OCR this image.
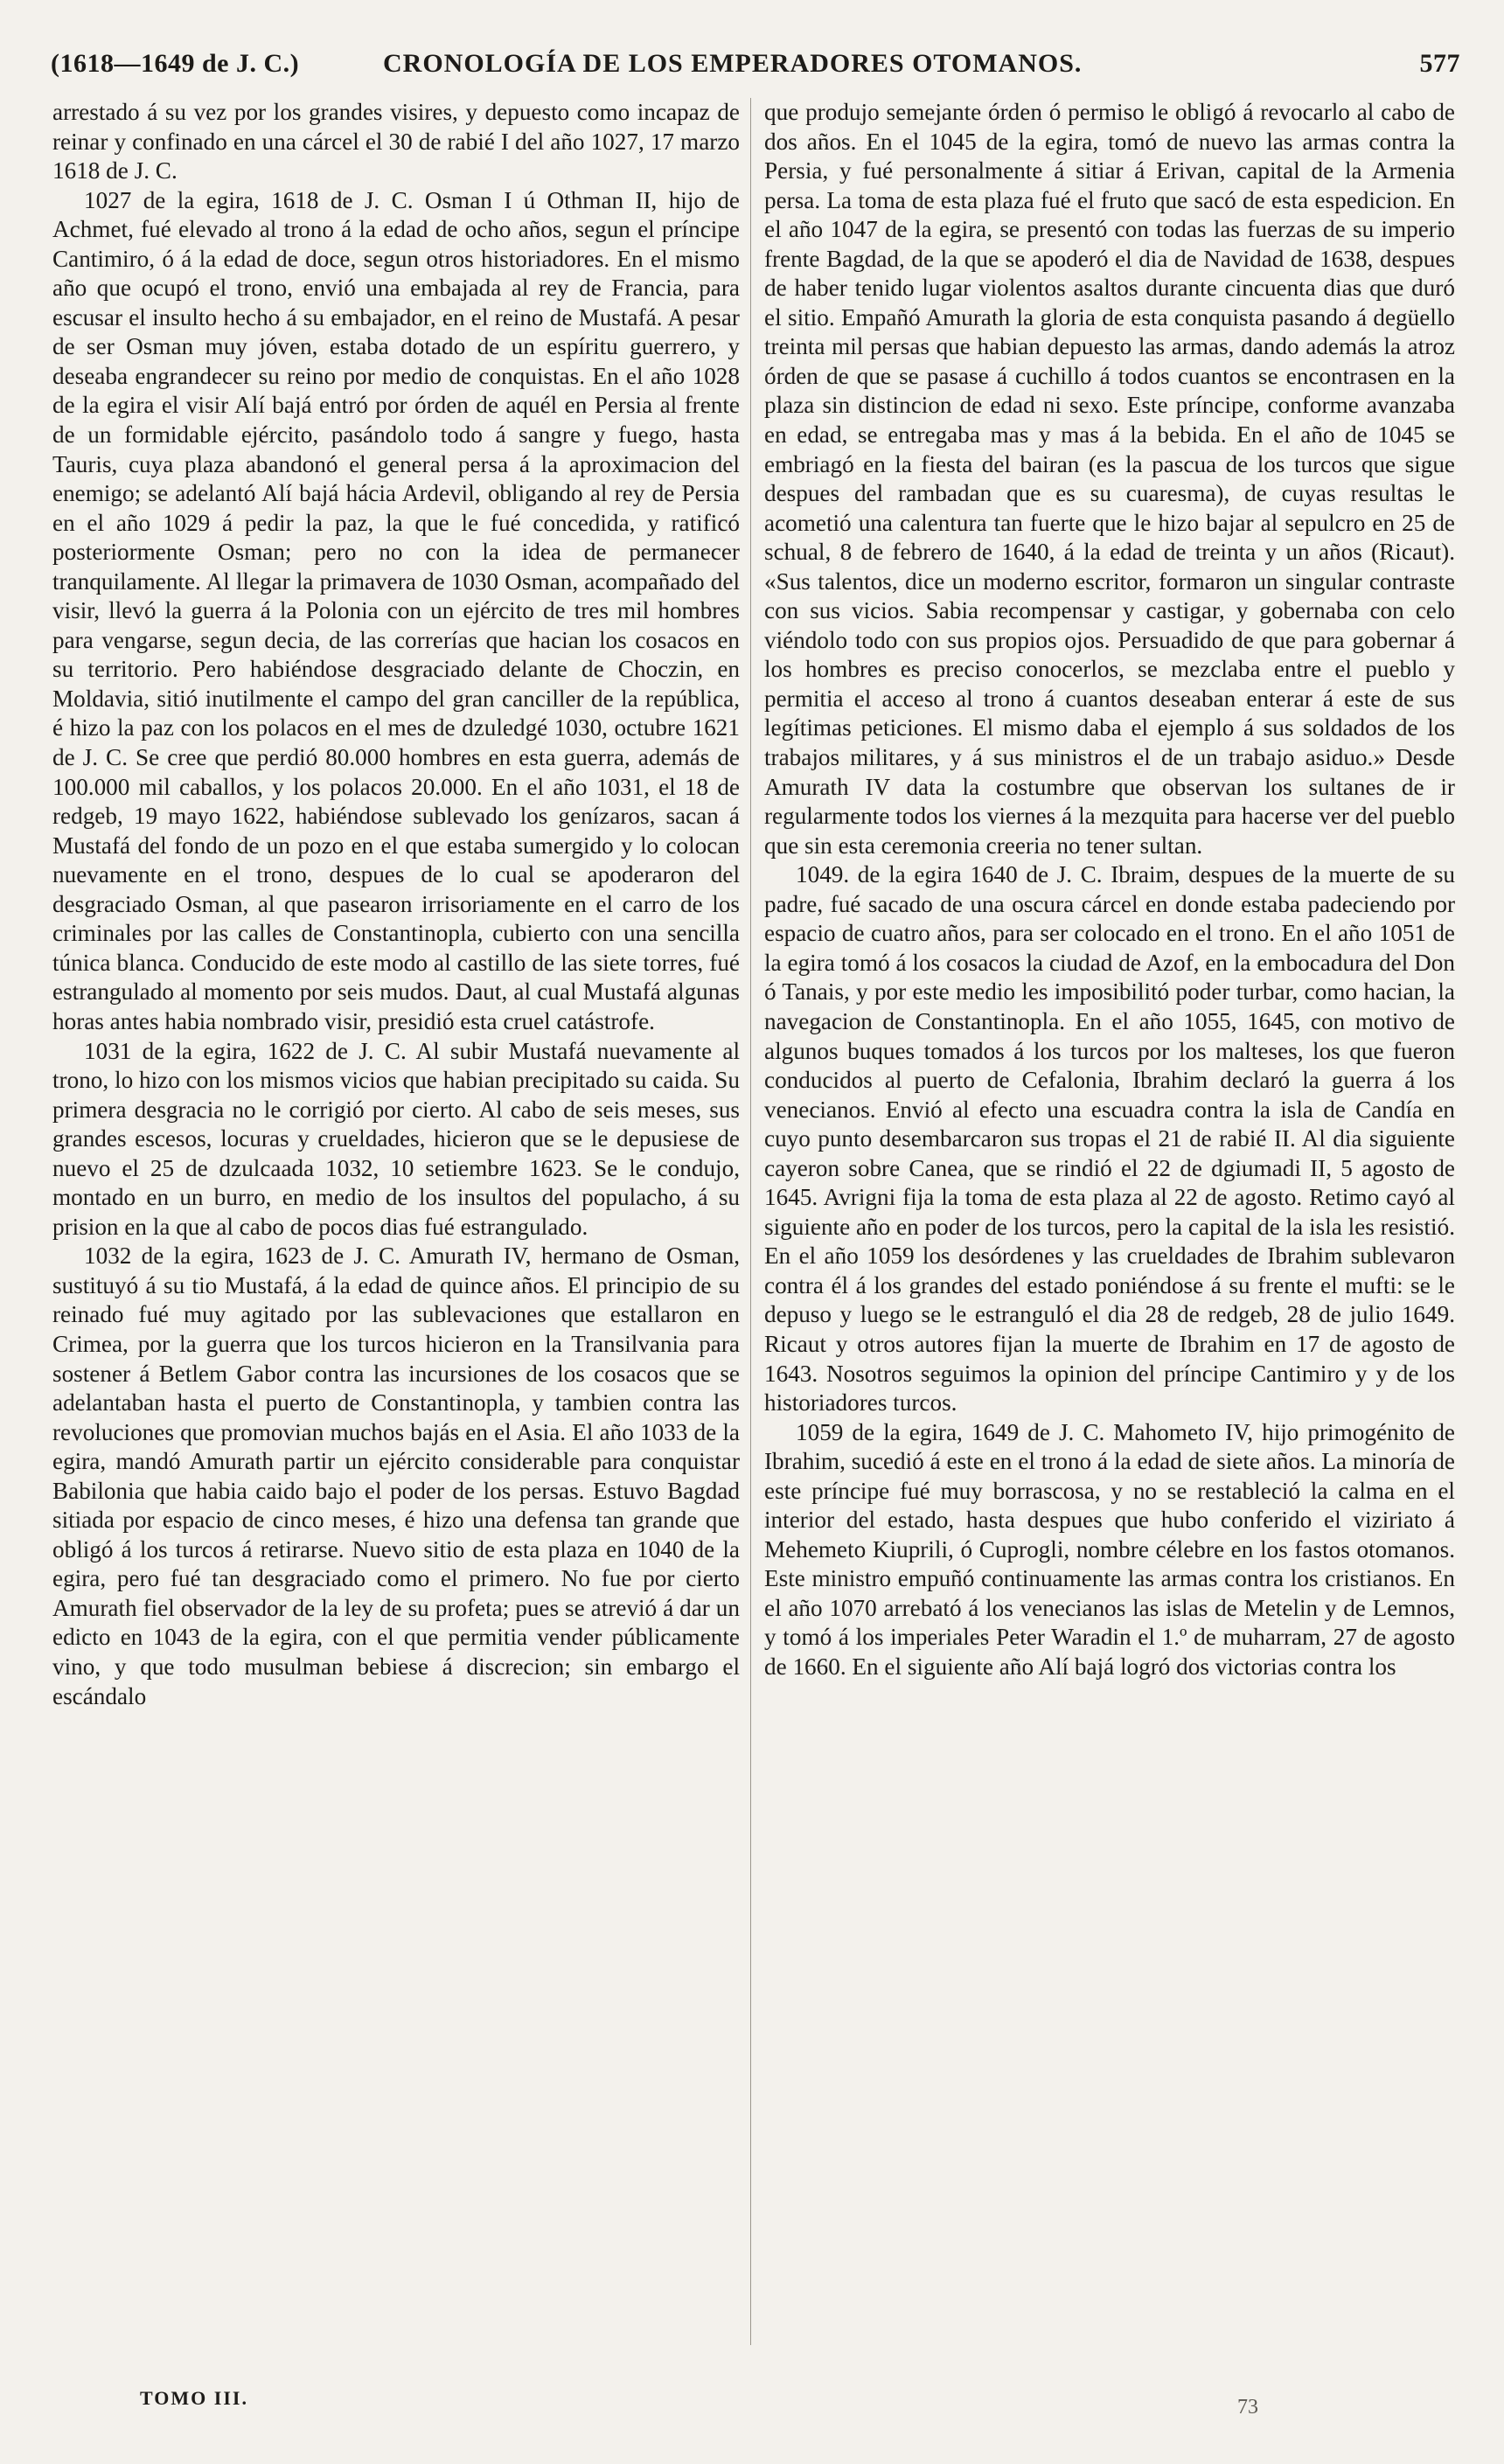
(1618—1649 de J. C.)	CRONOLOGÍA DE LOS EMPERADORES OTOMANOS.	577

arrestado á su vez por los grandes visires, y depuesto como incapaz de reinar y confinado en una cárcel el 30 de rabié I del año 1027, 17 marzo 1618 de J. C.

1027 de la egira, 1618 de J. C. Osman I ú Othman II, hijo de Achmet, fué elevado al trono á la edad de ocho años, segun el príncipe Cantimiro, ó á la edad de doce, segun otros historiadores. En el mismo año que ocupó el trono, envió una embajada al rey de Francia, para escusar el insulto hecho á su embajador, en el reino de Mustafá. A pesar de ser Osman muy jóven, estaba dotado de un espíritu guerrero, y deseaba engrandecer su reino por medio de conquistas. En el año 1028 de la egira el visir Alí bajá entró por órden de aquél en Persia al frente de un formidable ejército, pasándolo todo á sangre y fuego, hasta Tauris, cuya plaza abandonó el general persa á la aproximacion del enemigo; se adelantó Alí bajá hácia Ardevil, obligando al rey de Persia en el año 1029 á pedir la paz, la que le fué concedida, y ratificó posteriormente Osman; pero no con la idea de permanecer tranquilamente. Al llegar la primavera de 1030 Osman, acompañado del visir, llevó la guerra á la Polonia con un ejército de tres mil hombres para vengarse, segun decia, de las correrías que hacian los cosacos en su territorio. Pero habiéndose desgraciado delante de Choczin, en Moldavia, sitió inutilmente el campo del gran canciller de la república, é hizo la paz con los polacos en el mes de dzuledgé 1030, octubre 1621 de J. C. Se cree que perdió 80.000 hombres en esta guerra, además de 100.000 mil caballos, y los polacos 20.000. En el año 1031, el 18 de redgeb, 19 mayo 1622, habiéndose sublevado los genízaros, sacan á Mustafá del fondo de un pozo en el que estaba sumergido y lo colocan nuevamente en el trono, despues de lo cual se apoderaron del desgraciado Osman, al que pasearon irrisoriamente en el carro de los criminales por las calles de Constantinopla, cubierto con una sencilla túnica blanca. Conducido de este modo al castillo de las siete torres, fué estrangulado al momento por seis mudos. Daut, al cual Mustafá algunas horas antes habia nombrado visir, presidió esta cruel catástrofe.

1031 de la egira, 1622 de J. C. Al subir Mustafá nuevamente al trono, lo hizo con los mismos vicios que habian precipitado su caida. Su primera desgracia no le corrigió por cierto. Al cabo de seis meses, sus grandes escesos, locuras y crueldades, hicieron que se le depusiese de nuevo el 25 de dzulcaada 1032, 10 setiembre 1623. Se le condujo, montado en un burro, en medio de los insultos del populacho, á su prision en la que al cabo de pocos dias fué estrangulado.

1032 de la egira, 1623 de J. C. Amurath IV, hermano de Osman, sustituyó á su tio Mustafá, á la edad de quince años. El principio de su reinado fué muy agitado por las sublevaciones que estallaron en Crimea, por la guerra que los turcos hicieron en la Transilvania para sostener á Betlem Gabor contra las incursiones de los cosacos que se adelantaban hasta el puerto de Constantinopla, y tambien contra las revoluciones que promovian muchos bajás en el Asia. El año 1033 de la egira, mandó Amurath partir un ejército considerable para conquistar Babilonia que habia caido bajo el poder de los persas. Estuvo Bagdad sitiada por espacio de cinco meses, é hizo una defensa tan grande que obligó á los turcos á retirarse. Nuevo sitio de esta plaza en 1040 de la egira, pero fué tan desgraciado como el primero. No fue por cierto Amurath fiel observador de la ley de su profeta; pues se atrevió á dar un edicto en 1043 de la egira, con el que permitia vender públicamente vino, y que todo musulman bebiese á discrecion; sin embargo el escándalo

que produjo semejante órden ó permiso le obligó á revocarlo al cabo de dos años. En el 1045 de la egira, tomó de nuevo las armas contra la Persia, y fué personalmente á sitiar á Erivan, capital de la Armenia persa. La toma de esta plaza fué el fruto que sacó de esta espedicion. En el año 1047 de la egira, se presentó con todas las fuerzas de su imperio frente Bagdad, de la que se apoderó el dia de Navidad de 1638, despues de haber tenido lugar violentos asaltos durante cincuenta dias que duró el sitio. Empañó Amurath la gloria de esta conquista pasando á degüello treinta mil persas que habian depuesto las armas, dando además la atroz órden de que se pasase á cuchillo á todos cuantos se encontrasen en la plaza sin distincion de edad ni sexo. Este príncipe, conforme avanzaba en edad, se entregaba mas y mas á la bebida. En el año de 1045 se embriagó en la fiesta del bairan (es la pascua de los turcos que sigue despues del rambadan que es su cuaresma), de cuyas resultas le acometió una calentura tan fuerte que le hizo bajar al sepulcro en 25 de schual, 8 de febrero de 1640, á la edad de treinta y un años (Ricaut). «Sus talentos, dice un moderno escritor, formaron un singular contraste con sus vicios. Sabia recompensar y castigar, y gobernaba con celo viéndolo todo con sus propios ojos. Persuadido de que para gobernar á los hombres es preciso conocerlos, se mezclaba entre el pueblo y permitia el acceso al trono á cuantos deseaban enterar á este de sus legítimas peticiones. El mismo daba el ejemplo á sus soldados de los trabajos militares, y á sus ministros el de un trabajo asiduo.» Desde Amurath IV data la costumbre que observan los sultanes de ir regularmente todos los viernes á la mezquita para hacerse ver del pueblo que sin esta ceremonia creeria no tener sultan.

1049. de la egira 1640 de J. C. Ibraim, despues de la muerte de su padre, fué sacado de una oscura cárcel en donde estaba padeciendo por espacio de cuatro años, para ser colocado en el trono. En el año 1051 de la egira tomó á los cosacos la ciudad de Azof, en la embocadura del Don ó Tanais, y por este medio les imposibilitó poder turbar, como hacian, la navegacion de Constantinopla. En el año 1055, 1645, con motivo de algunos buques tomados á los turcos por los malteses, los que fueron conducidos al puerto de Cefalonia, Ibrahim declaró la guerra á los venecianos. Envió al efecto una escuadra contra la isla de Candía en cuyo punto desembarcaron sus tropas el 21 de rabié II. Al dia siguiente cayeron sobre Canea, que se rindió el 22 de dgiumadi II, 5 agosto de 1645. Avrigni fija la toma de esta plaza al 22 de agosto. Retimo cayó al siguiente año en poder de los turcos, pero la capital de la isla les resistió. En el año 1059 los desórdenes y las crueldades de Ibrahim sublevaron contra él á los grandes del estado poniéndose á su frente el mufti: se le depuso y luego se le estranguló el dia 28 de redgeb, 28 de julio 1649. Ricaut y otros autores fijan la muerte de Ibrahim en 17 de agosto de 1643. Nosotros seguimos la opinion del príncipe Cantimiro y y de los historiadores turcos.

1059 de la egira, 1649 de J. C. Mahometo IV, hijo primogénito de Ibrahim, sucedió á este en el trono á la edad de siete años. La minoría de este príncipe fué muy borrascosa, y no se restableció la calma en el interior del estado, hasta despues que hubo conferido el viziriato á Mehemeto Kiuprili, ó Cuprogli, nombre célebre en los fastos otomanos. Este ministro empuñó continuamente las armas contra los cristianos. En el año 1070 arrebató á los venecianos las islas de Metelin y de Lemnos, y tomó á los imperiales Peter Waradin el 1.º de muharram, 27 de agosto de 1660. En el siguiente año Alí bajá logró dos victorias contra los

TOMO III.	73
